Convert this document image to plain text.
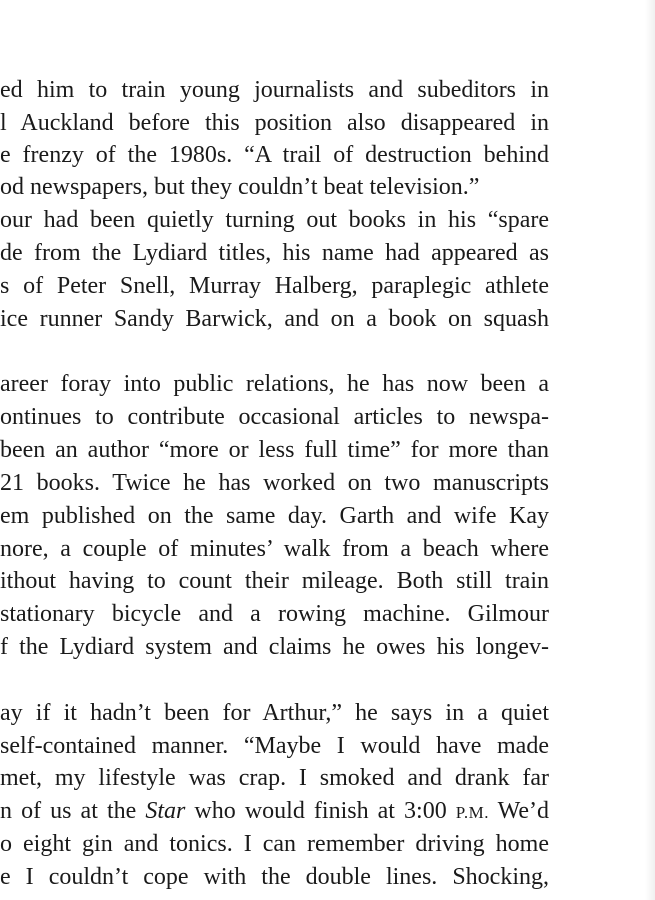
ed him to train young journalists and subeditors in
l Auckland before this position also disappeared in
e frenzy of the 1980s. “A trail of destruction behind
od newspapers, but they couldn’t beat television.”
our had been quietly turning out books in his “spare
de from the Lydiard titles, his name had appeared as
s of Peter Snell, Murray Halberg, paraplegic athlete
ice runner Sandy Barwick, and on a book on squash
areer foray into public relations, he has now been a
ontinues to contribute occasional articles to newspa-
been an author “more or less full time” for more than
21 books. Twice he has worked on two manuscripts
em published on the same day. Garth and wife Kay
nore, a couple of minutes’ walk from a beach where
ithout having to count their mileage. Both still train
stationary bicycle and a rowing machine. Gilmour
f the Lydiard system and claims he owes his longev-
ay if it hadn’t been for Arthur,” he says in a quiet
self-contained manner. “Maybe I would have made
met, my lifestyle was crap. I smoked and drank far
n of us at the Star who would finish at 3:00 P.M. We’d
o eight gin and tonics. I can remember driving home
e I couldn’t cope with the double lines. Shocking,
